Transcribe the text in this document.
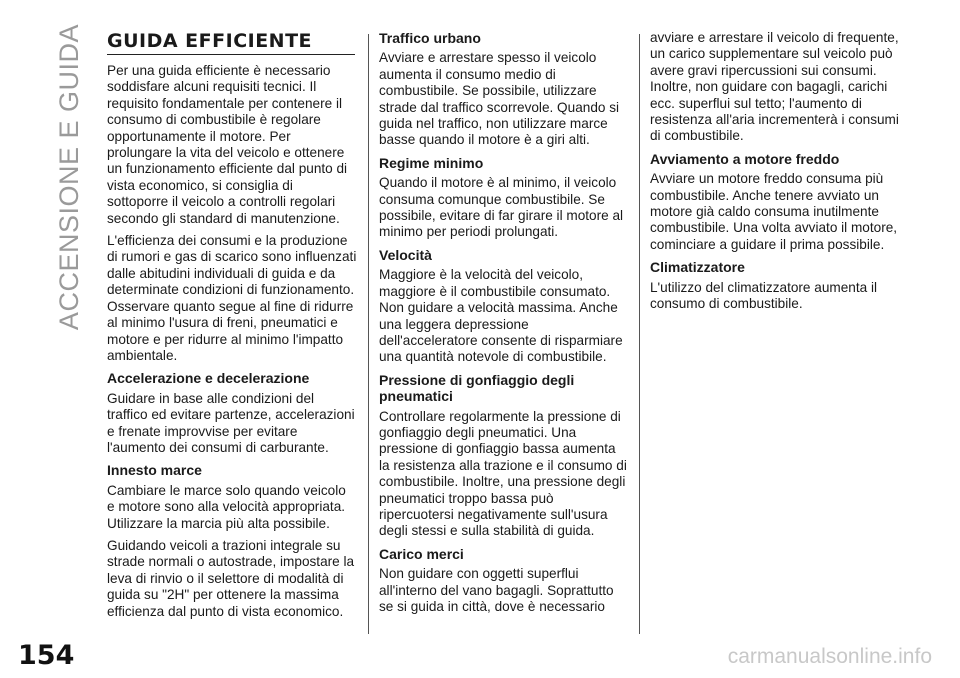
ACCENSIONE E GUIDA
154
GUIDA EFFICIENTE

Per una guida efficiente è necessario soddisfare alcuni requisiti tecnici. Il requisito fondamentale per contenere il consumo di combustibile è regolare opportunamente il motore. Per prolungare la vita del veicolo e ottenere un funzionamento efficiente dal punto di vista economico, si consiglia di sottoporre il veicolo a controlli regolari secondo gli standard di manutenzione.

L'efficienza dei consumi e la produzione di rumori e gas di scarico sono influenzati dalle abitudini individuali di guida e da determinate condizioni di funzionamento. Osservare quanto segue al fine di ridurre al minimo l'usura di freni, pneumatici e motore e per ridurre al minimo l'impatto ambientale.

Accelerazione e decelerazione

Guidare in base alle condizioni del traffico ed evitare partenze, accelerazioni e frenate improvvise per evitare l'aumento dei consumi di carburante.

Innesto marce

Cambiare le marce solo quando veicolo e motore sono alla velocità appropriata. Utilizzare la marcia più alta possibile.

Guidando veicoli a trazioni integrale su strade normali o autostrade, impostare la leva di rinvio o il selettore di modalità di guida su "2H" per ottenere la massima efficienza dal punto di vista economico.

Traffico urbano

Avviare e arrestare spesso il veicolo aumenta il consumo medio di combustibile. Se possibile, utilizzare strade dal traffico scorrevole. Quando si guida nel traffico, non utilizzare marce basse quando il motore è a giri alti.

Regime minimo

Quando il motore è al minimo, il veicolo consuma comunque combustibile. Se possibile, evitare di far girare il motore al minimo per periodi prolungati.

Velocità

Maggiore è la velocità del veicolo, maggiore è il combustibile consumato. Non guidare a velocità massima. Anche una leggera depressione dell'acceleratore consente di risparmiare una quantità notevole di combustibile.

Pressione di gonfiaggio degli pneumatici

Controllare regolarmente la pressione di gonfiaggio degli pneumatici. Una pressione di gonfiaggio bassa aumenta la resistenza alla trazione e il consumo di combustibile. Inoltre, una pressione degli pneumatici troppo bassa può ripercuotersi negativamente sull'usura degli stessi e sulla stabilità di guida.

Carico merci

Non guidare con oggetti superflui all'interno del vano bagagli. Soprattutto se si guida in città, dove è necessario

avviare e arrestare il veicolo di frequente, un carico supplementare sul veicolo può avere gravi ripercussioni sui consumi. Inoltre, non guidare con bagagli, carichi ecc. superflui sul tetto; l'aumento di resistenza all'aria incrementerà i consumi di combustibile.

Avviamento a motore freddo

Avviare un motore freddo consuma più combustibile. Anche tenere avviato un motore già caldo consuma inutilmente combustibile. Una volta avviato il motore, cominciare a guidare il prima possibile.

Climatizzatore

L'utilizzo del climatizzatore aumenta il consumo di combustibile.

carmanualsonline.info
